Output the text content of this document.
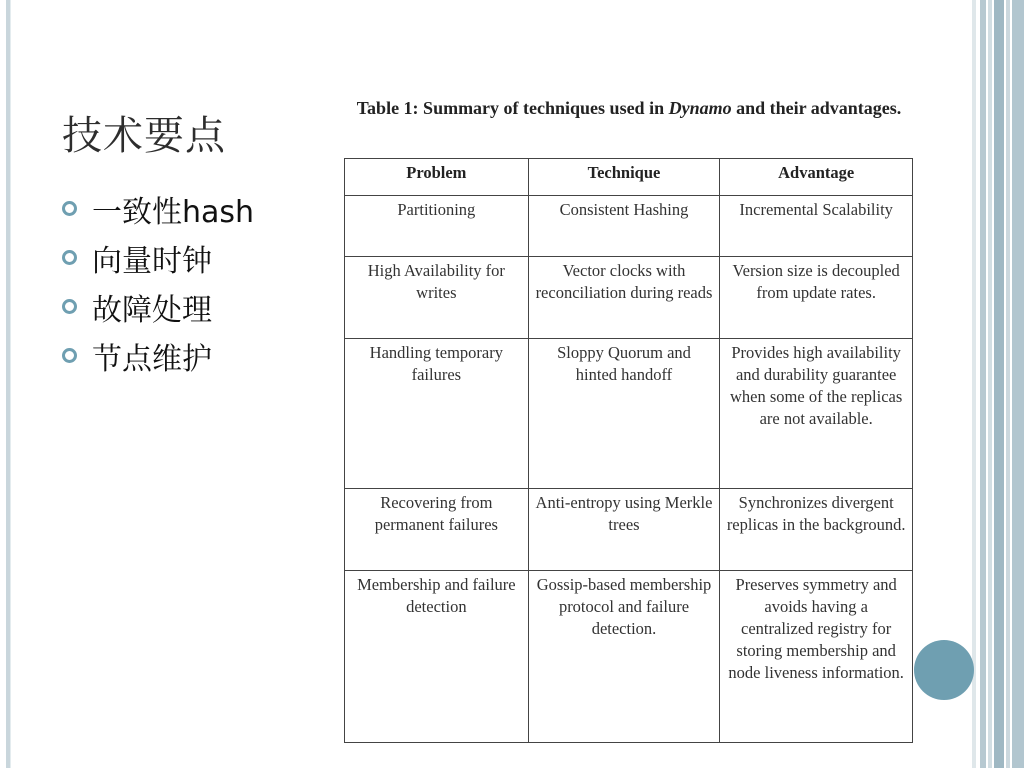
技术要点
一致性hash
向量时钟
故障处理
节点维护
Table 1: Summary of techniques used in Dynamo and their advantages.
Problem	Technique	Advantage
Partitioning	Consistent Hashing	Incremental Scalability
High Availability for writes	Vector clocks with reconciliation during reads	Version size is decoupled from update rates.
Handling temporary failures	Sloppy Quorum and hinted handoff	Provides high availability and durability guarantee when some of the replicas are not available.
Recovering from permanent failures	Anti-entropy using Merkle trees	Synchronizes divergent replicas in the background.
Membership and failure detection	Gossip-based membership protocol and failure detection.	Preserves symmetry and avoids having a centralized registry for storing membership and node liveness information.
